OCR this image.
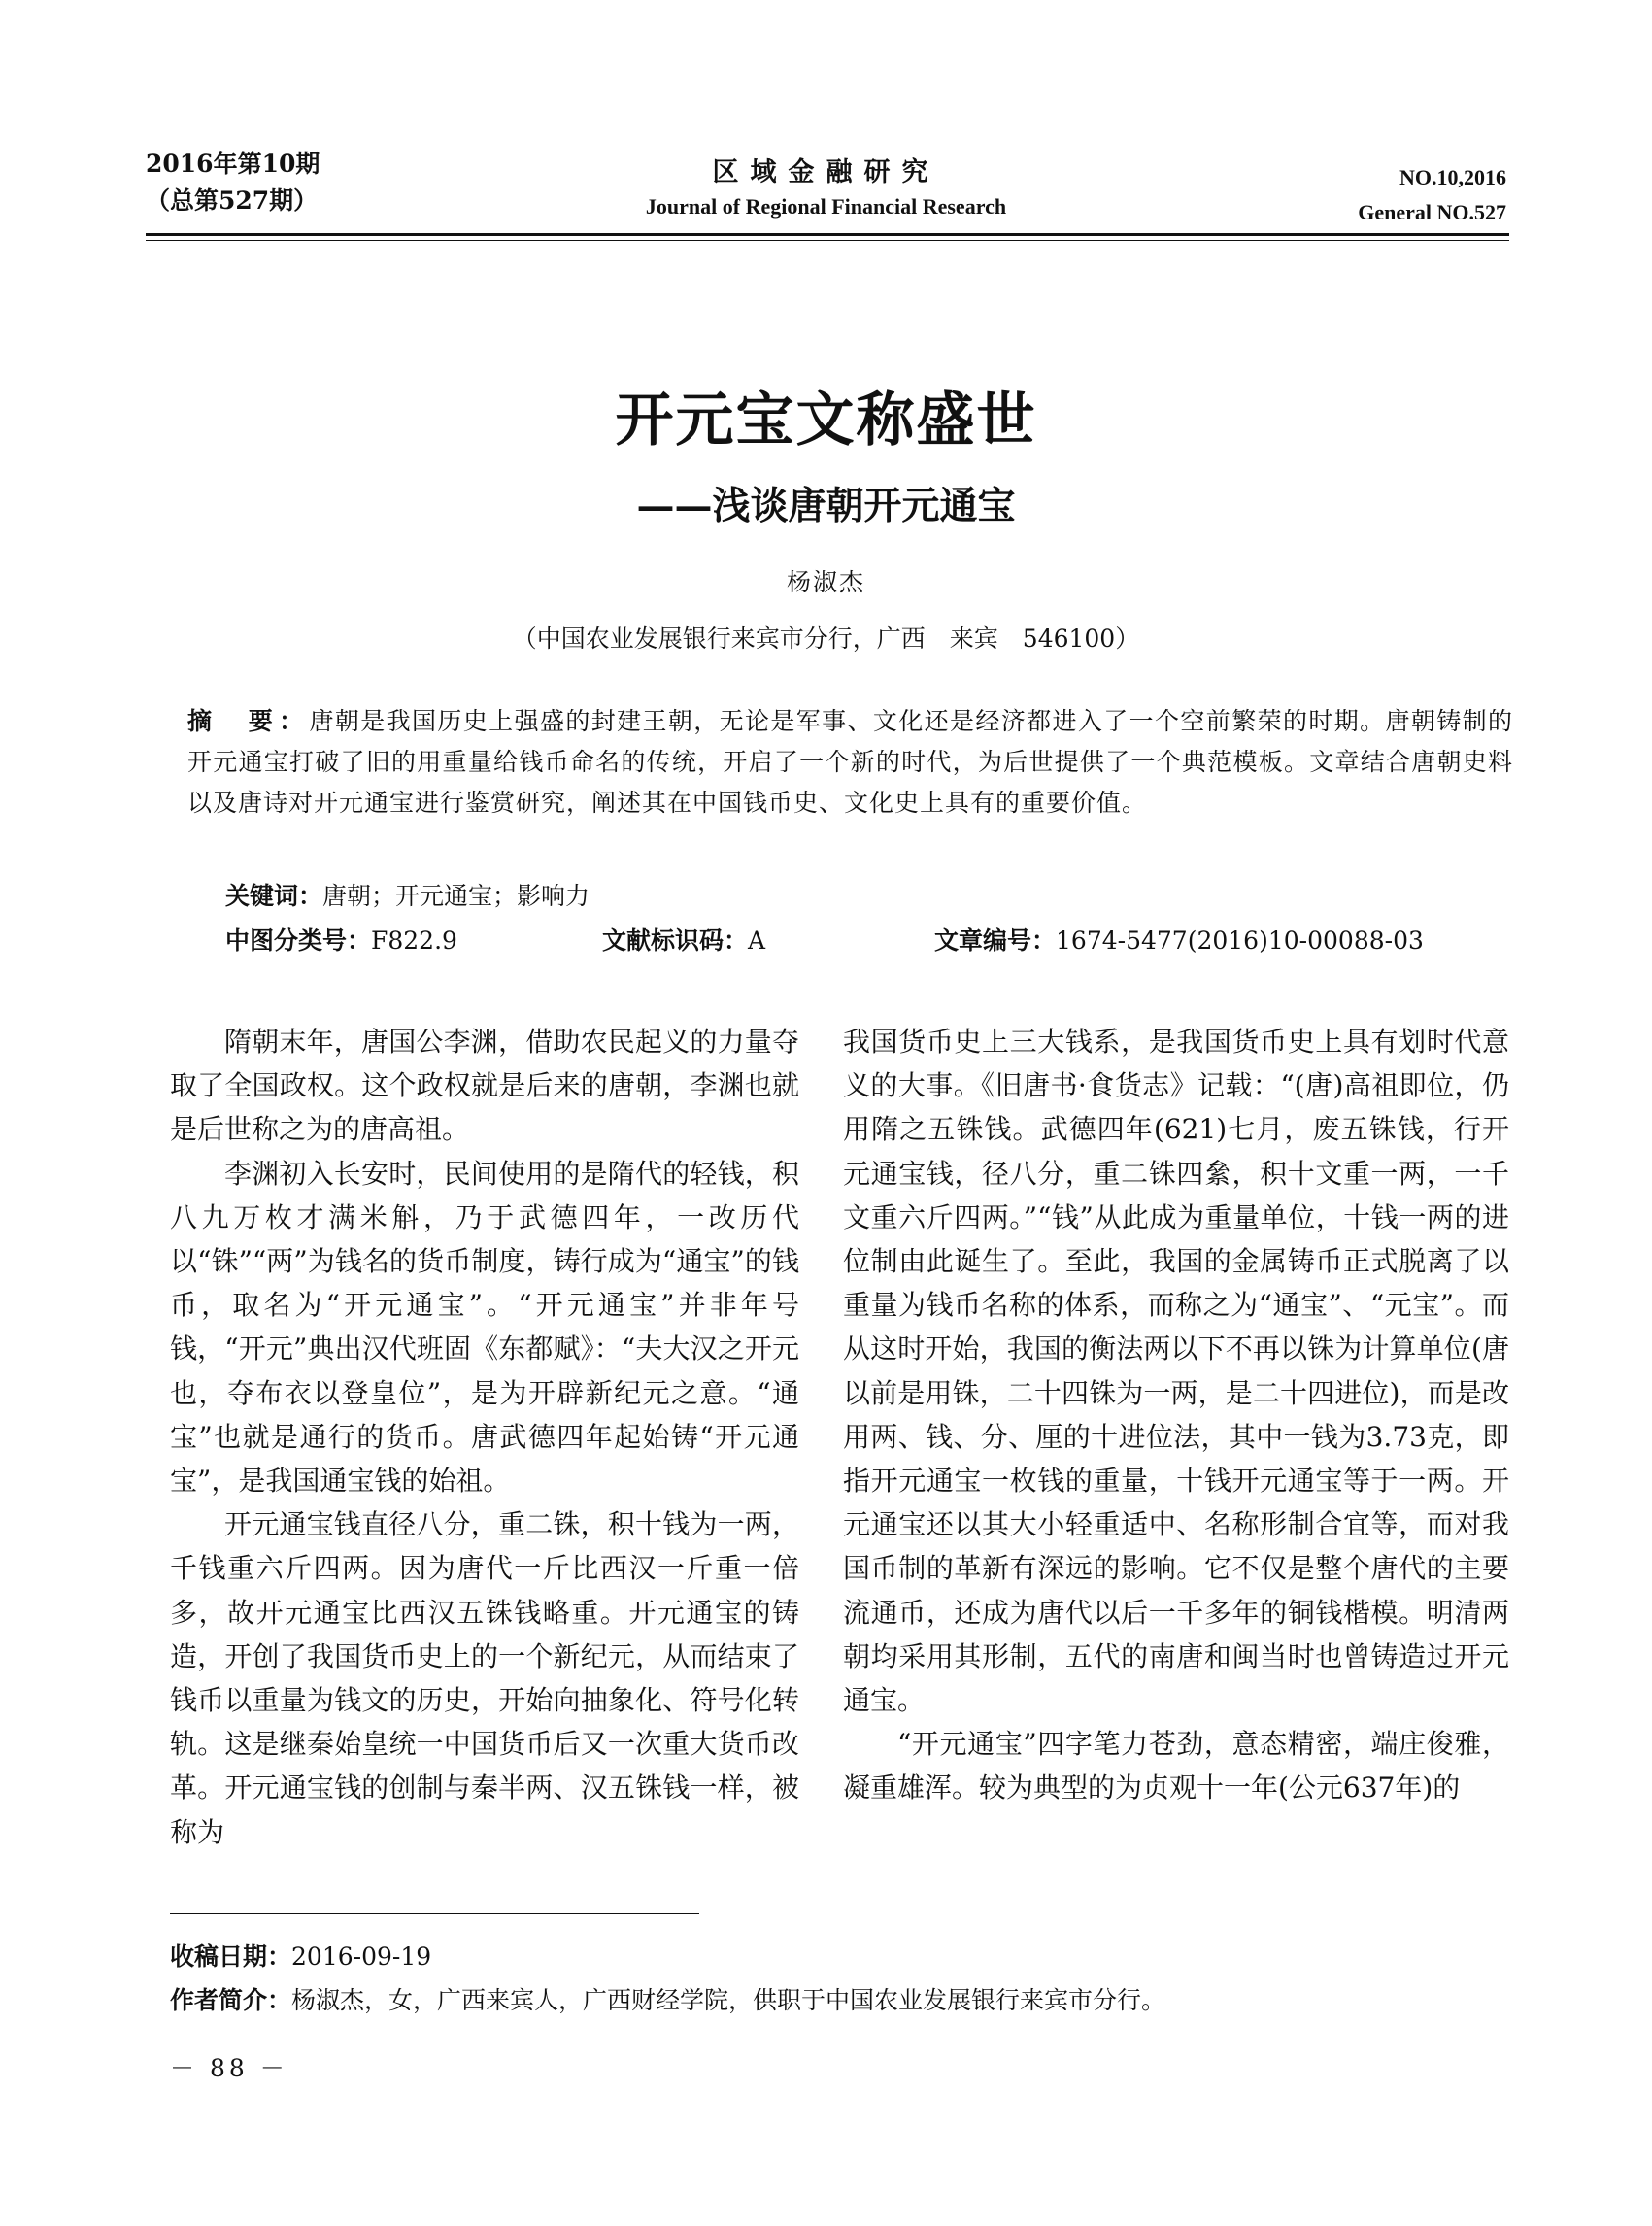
2016年第10期
（总第527期）
区域金融研究
Journal of Regional Financial Research
NO.10,2016
General NO.527
开元宝文称盛世
——浅谈唐朝开元通宝
杨淑杰
（中国农业发展银行来宾市分行，广西　来宾　546100）
摘　要：唐朝是我国历史上强盛的封建王朝，无论是军事、文化还是经济都进入了一个空前繁荣的时期。唐朝铸制的开元通宝打破了旧的用重量给钱币命名的传统，开启了一个新的时代，为后世提供了一个典范模板。文章结合唐朝史料以及唐诗对开元通宝进行鉴赏研究，阐述其在中国钱币史、文化史上具有的重要价值。
关键词：唐朝；开元通宝；影响力
中图分类号：F822.9	文献标识码：A	文章编号：1674-5477(2016)10-00088-03

隋朝末年，唐国公李渊，借助农民起义的力量夺取了全国政权。这个政权就是后来的唐朝，李渊也就是后世称之为的唐高祖。

李渊初入长安时，民间使用的是隋代的轻钱，积八九万枚才满米斛，乃于武德四年，一改历代以“铢”“两”为钱名的货币制度，铸行成为“通宝”的钱币，取名为“开元通宝”。“开元通宝”并非年号钱，“开元”典出汉代班固《东都赋》：“夫大汉之开元也，夺布衣以登皇位”，是为开辟新纪元之意。“通宝”也就是通行的货币。唐武德四年起始铸“开元通宝”，是我国通宝钱的始祖。

开元通宝钱直径八分，重二铢，积十钱为一两，千钱重六斤四两。因为唐代一斤比西汉一斤重一倍多，故开元通宝比西汉五铢钱略重。开元通宝的铸造，开创了我国货币史上的一个新纪元，从而结束了钱币以重量为钱文的历史，开始向抽象化、符号化转轨。这是继秦始皇统一中国货币后又一次重大货币改革。开元通宝钱的创制与秦半两、汉五铢钱一样，被称为

我国货币史上三大钱系，是我国货币史上具有划时代意义的大事。《旧唐书·食货志》记载：“(唐)高祖即位，仍用隋之五铢钱。武德四年(621)七月，废五铢钱，行开元通宝钱，径八分，重二铢四絫，积十文重一两，一千文重六斤四两。”“钱”从此成为重量单位，十钱一两的进位制由此诞生了。至此，我国的金属铸币正式脱离了以重量为钱币名称的体系，而称之为“通宝”、“元宝”。而从这时开始，我国的衡法两以下不再以铢为计算单位(唐以前是用铢，二十四铢为一两，是二十四进位)，而是改用两、钱、分、厘的十进位法，其中一钱为3.73克，即指开元通宝一枚钱的重量，十钱开元通宝等于一两。开元通宝还以其大小轻重适中、名称形制合宜等，而对我国币制的革新有深远的影响。它不仅是整个唐代的主要流通币，还成为唐代以后一千多年的铜钱楷模。明清两朝均采用其形制，五代的南唐和闽当时也曾铸造过开元通宝。

“开元通宝”四字笔力苍劲，意态精密，端庄俊雅，凝重雄浑。较为典型的为贞观十一年(公元637年)的

收稿日期：2016-09-19
作者简介：杨淑杰，女，广西来宾人，广西财经学院，供职于中国农业发展银行来宾市分行。
－ 88 －
